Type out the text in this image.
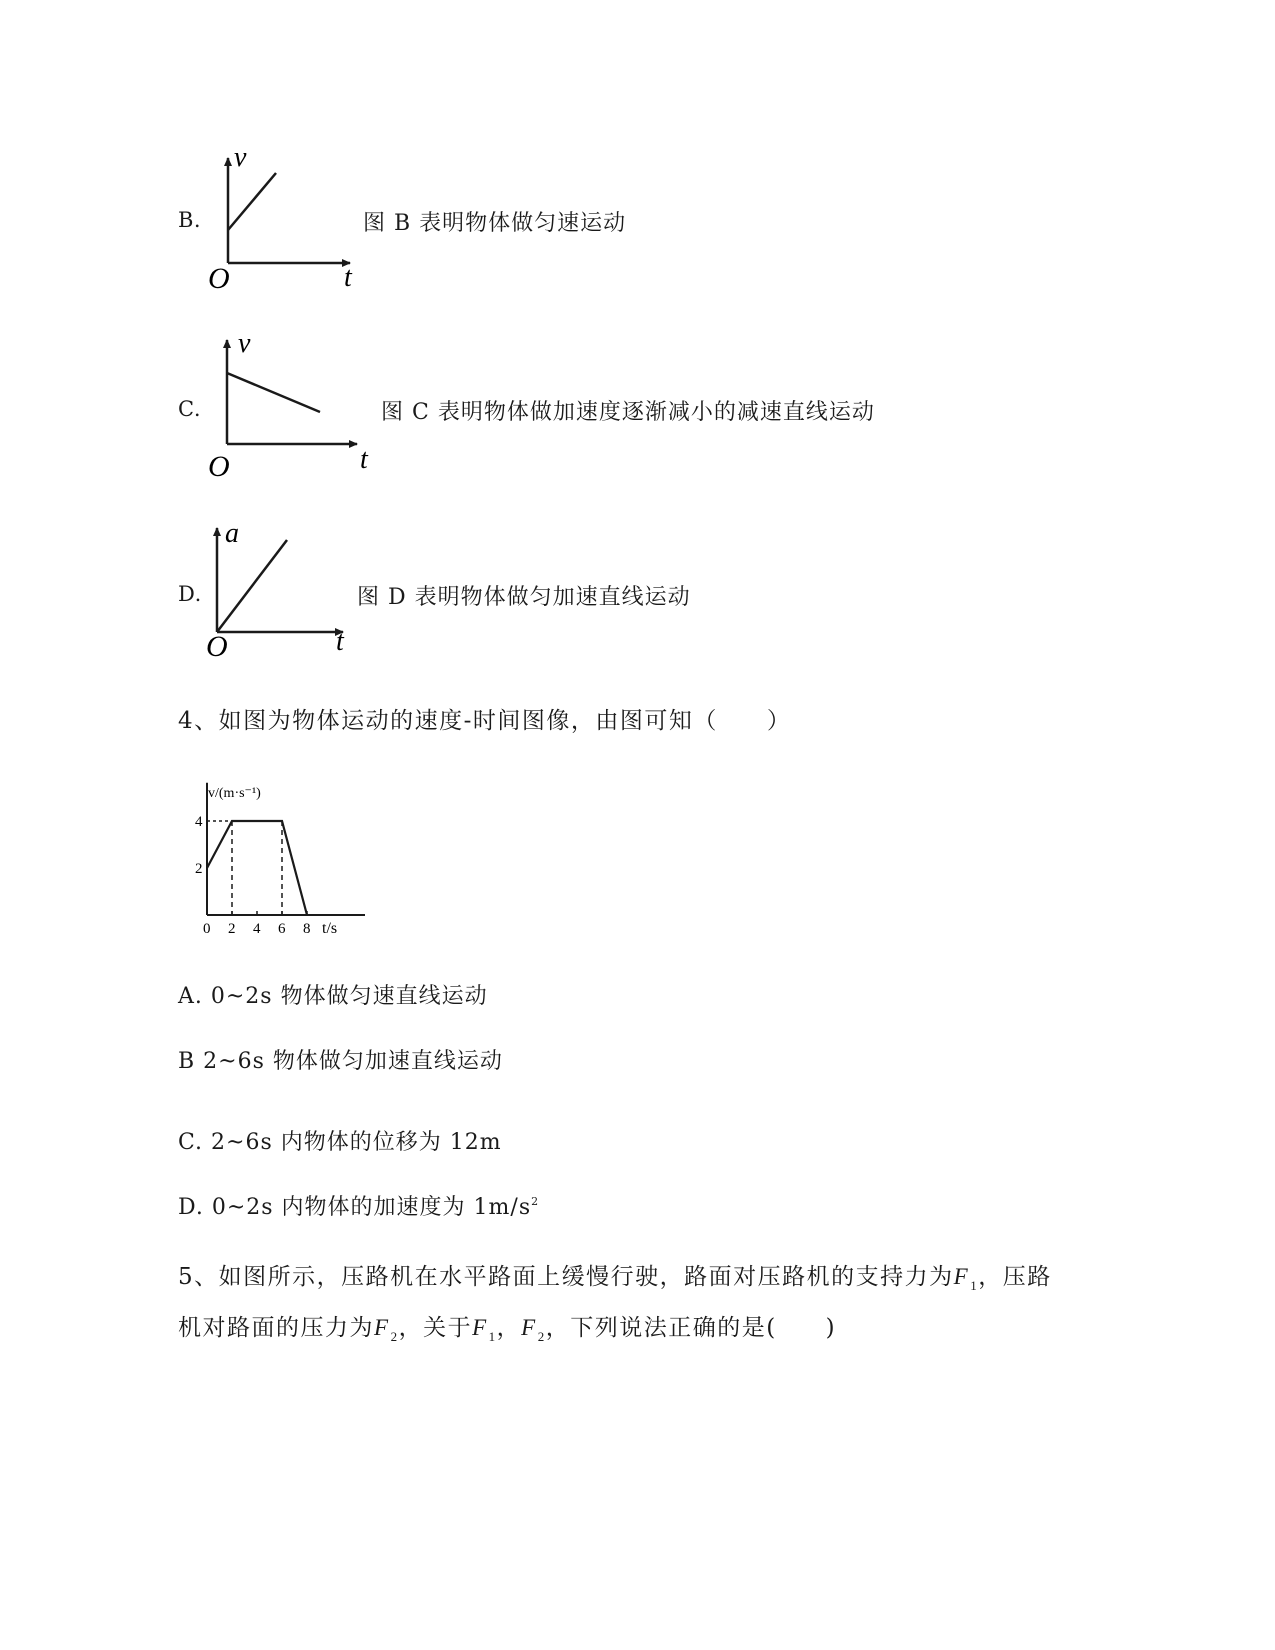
B.
v
t
O
图 B 表明物体做匀速运动
C.
v
t
O
图 C 表明物体做加速度逐渐减小的减速直线运动
D.
a
t
O
图 D 表明物体做匀加速直线运动
4、如图为物体运动的速度-时间图像，由图可知（　　）
v/(m·s⁻¹)
t/s
0 2 4 6 8
2
4
A. 0~2s 物体做匀速直线运动
B 2~6s 物体做匀加速直线运动
C. 2~6s 内物体的位移为 12m
D. 0~2s 内物体的加速度为 $1m/s^2$
5、如图所示，压路机在水平路面上缓慢行驶，路面对压路机的支持力为$F_1$，压路
机对路面的压力为$F_2$，关于$F_1$，$F_2$，下列说法正确的是(　　)
